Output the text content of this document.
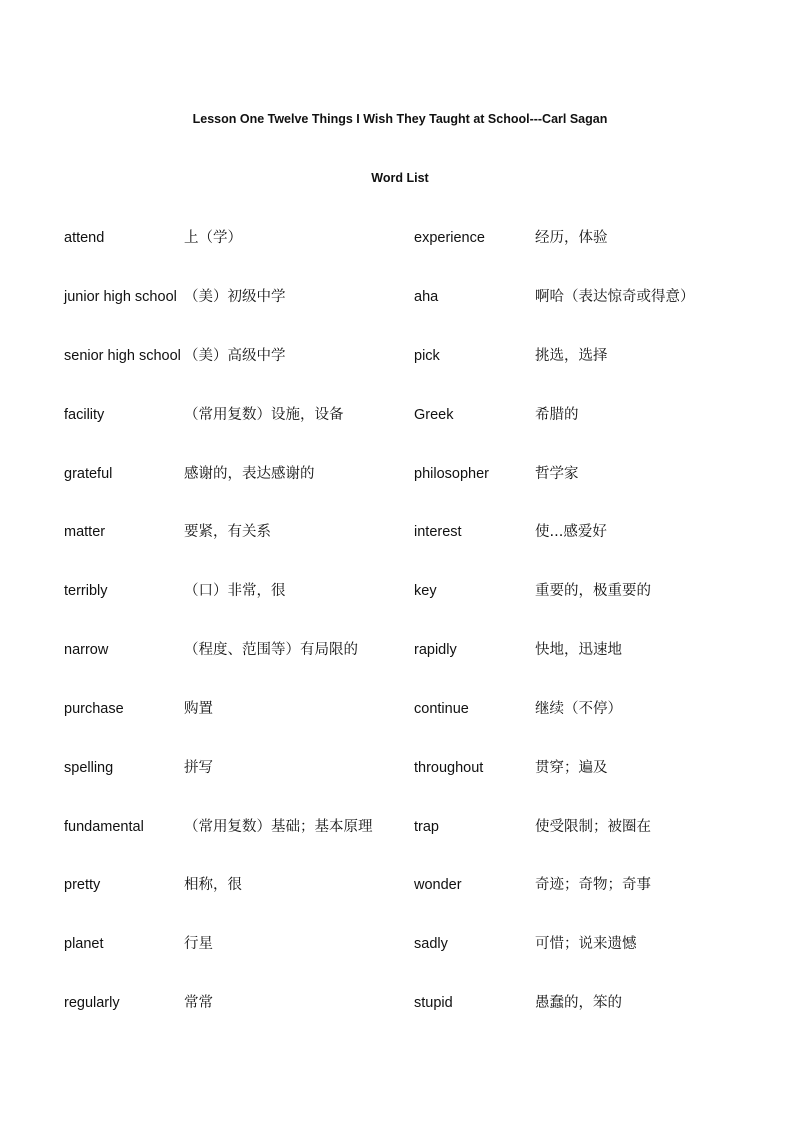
Lesson One Twelve Things I Wish They Taught at School---Carl Sagan
Word List
attend	上（学）	experience	经历，体验
junior high school （美）初级中学	aha	啊哈（表达惊奇或得意）
senior high school （美）高级中学	pick	挑选，选择
facility	（常用复数）设施，设备	Greek	希腊的
grateful	感谢的，表达感谢的	philosopher	哲学家
matter	要紧，有关系	interest	使...感爱好
terribly	（口）非常，很	key	重要的，极重要的
narrow	（程度、范围等）有局限的	rapidly	快地，迅速地
purchase	购置	continue	继续（不停）
spelling	拼写	throughout	贯穿；遍及
fundamental	（常用复数）基础；基本原理	trap	使受限制；被圈在
pretty	相称，很	wonder	奇迹；奇物；奇事
planet	行星	sadly	可惜；说来遗憾
regularly	常常	stupid	愚蠢的，笨的
